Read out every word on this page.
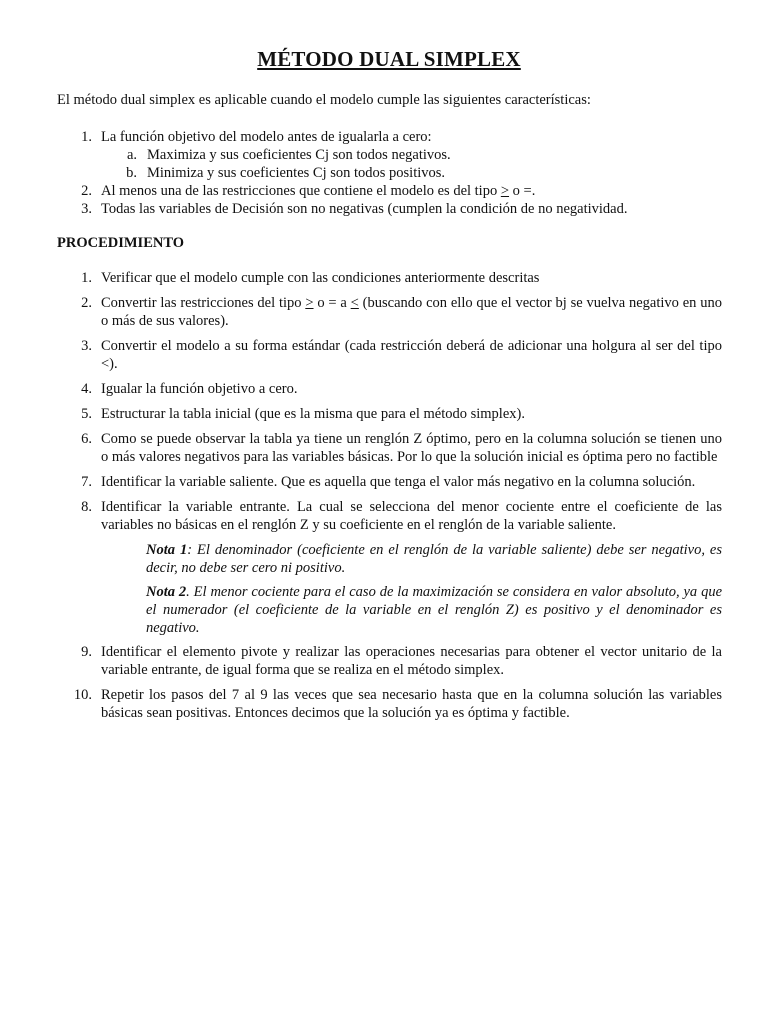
MÉTODO DUAL SIMPLEX

El método dual simplex es aplicable cuando el modelo cumple las siguientes características:

1. La función objetivo del modelo antes de igualarla a cero:
a. Maximiza y sus coeficientes Cj son todos negativos.
b. Minimiza y sus coeficientes Cj son todos positivos.
2. Al menos una de las restricciones que contiene el modelo es del tipo ≥ o =.
3. Todas las variables de Decisión son no negativas (cumplen la condición de no negatividad.

PROCEDIMIENTO

1. Verificar que el modelo cumple con las condiciones anteriormente descritas
2. Convertir las restricciones del tipo > o = a < (buscando con ello que el vector bj se vuelva negativo en uno o más de sus valores).
3. Convertir el modelo a su forma estándar (cada restricción deberá de adicionar una holgura al ser del tipo <).
4. Igualar la función objetivo a cero.
5. Estructurar la tabla inicial (que es la misma que para el método simplex).
6. Como se puede observar la tabla ya tiene un renglón Z óptimo, pero en la columna solución se tienen uno o más valores negativos para las variables básicas. Por lo que la solución inicial es óptima pero no factible
7. Identificar la variable saliente. Que es aquella que tenga el valor más negativo en la columna solución.
8. Identificar la variable entrante. La cual se selecciona del menor cociente entre el coeficiente de las variables no básicas en el renglón Z y su coeficiente en el renglón de la variable saliente.
Nota 1: El denominador (coeficiente en el renglón de la variable saliente) debe ser negativo, es decir, no debe ser cero ni positivo.
Nota 2. El menor cociente para el caso de la maximización se considera en valor absoluto, ya que el numerador (el coeficiente de la variable en el renglón Z) es positivo y el denominador es negativo.
9. Identificar el elemento pivote y realizar las operaciones necesarias para obtener el vector unitario de la variable entrante, de igual forma que se realiza en el método simplex.
10. Repetir los pasos del 7 al 9 las veces que sea necesario hasta que en la columna solución las variables básicas sean positivas. Entonces decimos que la solución ya es óptima y factible.
